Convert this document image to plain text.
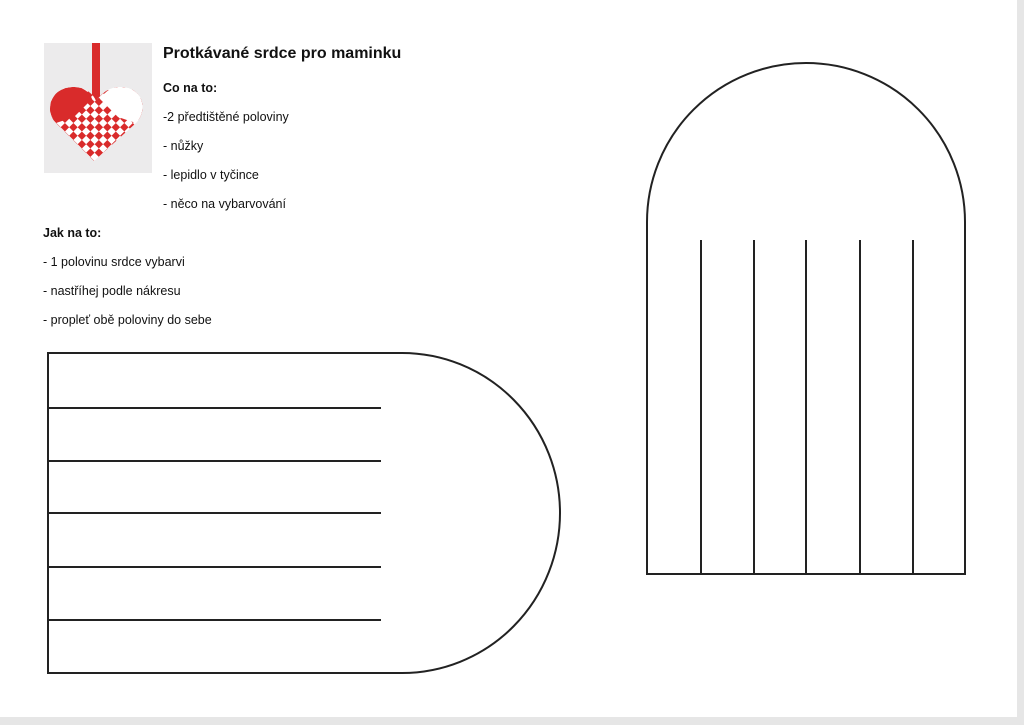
Protkávané srdce pro maminku
Co na to:
-2 předtištěné poloviny
- nůžky
- lepidlo v tyčince
- něco na vybarvování
Jak na to:
- 1 polovinu srdce vybarvi
- nastříhej podle nákresu
- propleť obě poloviny do sebe
